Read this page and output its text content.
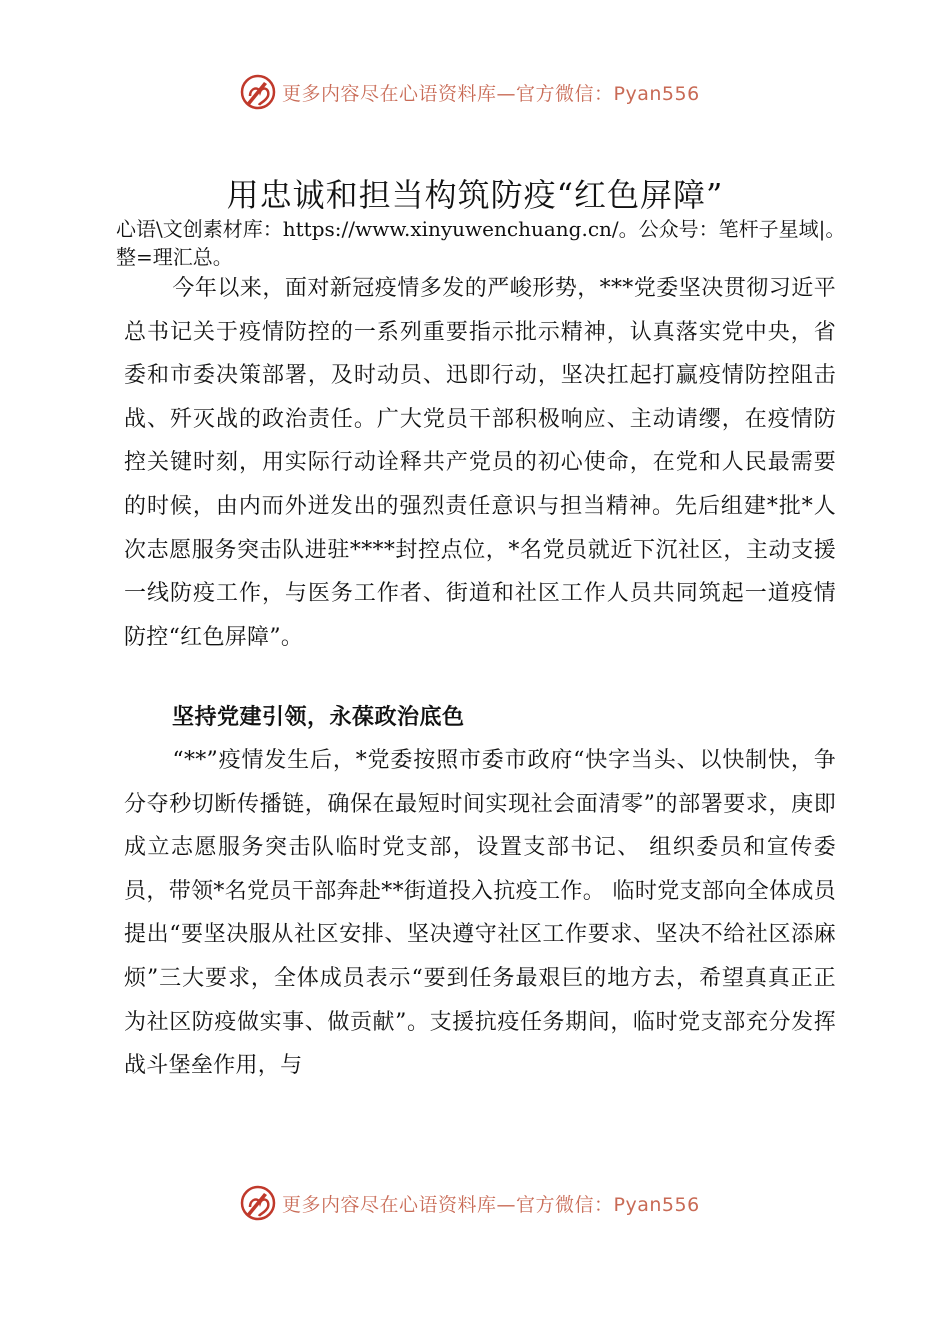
更多内容尽在心语资料库—官方微信：Pyan556
用忠诚和担当构筑防疫“红色屏障”
心语\文创素材库：https://www.xinyuwenchuang.cn/。公众号：笔杆子星域|。整=理汇总。
今年以来，面对新冠疫情多发的严峻形势，***党委坚决贯彻习近平总书记关于疫情防控的一系列重要指示批示精神，认真落实党中央，省委和市委决策部署，及时动员、迅即行动，坚决扛起打赢疫情防控阻击战、歼灭战的政治责任。广大党员干部积极响应、主动请缨，在疫情防控关键时刻，用实际行动诠释共产党员的初心使命，在党和人民最需要的时候，由内而外迸发出的强烈责任意识与担当精神。先后组建*批*人次志愿服务突击队进驻****封控点位，*名党员就近下沉社区，主动支援一线防疫工作，与医务工作者、街道和社区工作人员共同筑起一道疫情防控“红色屏障”。
坚持党建引领，永葆政治底色
“**”疫情发生后，*党委按照市委市政府“快字当头、以快制快，争分夺秒切断传播链，确保在最短时间实现社会面清零”的部署要求，庚即成立志愿服务突击队临时党支部，设置支部书记、 组织委员和宣传委员，带领*名党员干部奔赴**街道投入抗疫工作。 临时党支部向全体成员提出“要坚决服从社区安排、坚决遵守社区工作要求、坚决不给社区添麻烦”三大要求，全体成员表示“要到任务最艰巨的地方去，希望真真正正为社区防疫做实事、做贡献”。支援抗疫任务期间，临时党支部充分发挥战斗堡垒作用，与
更多内容尽在心语资料库—官方微信：Pyan556
